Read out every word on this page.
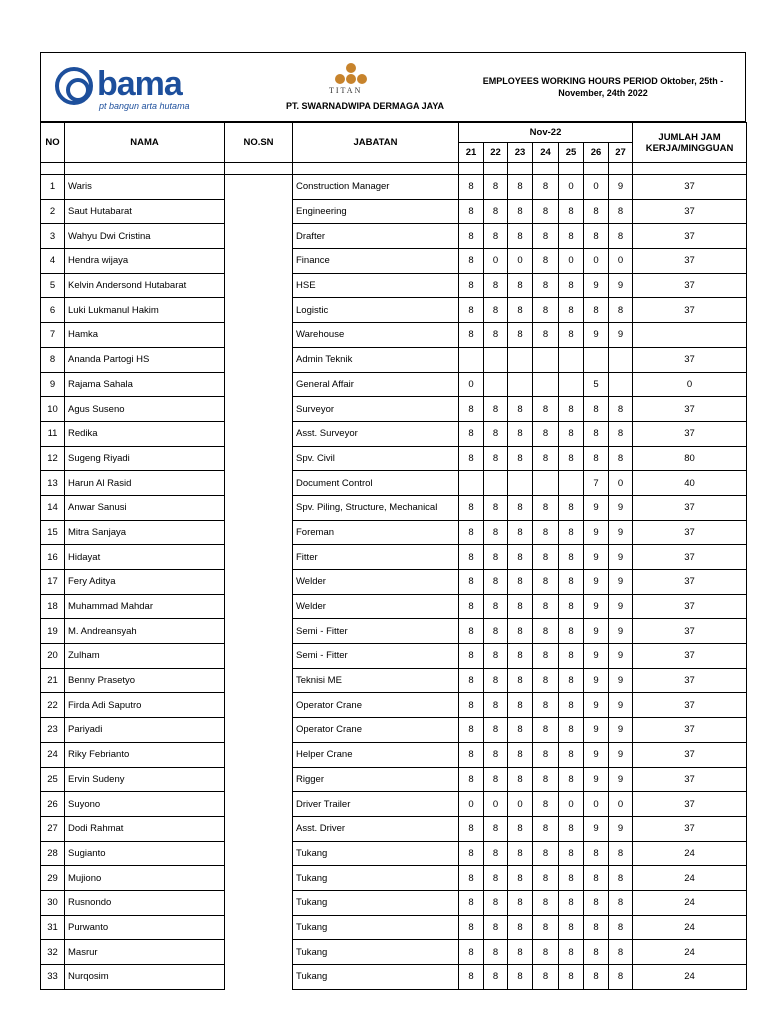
bama
pt bangun arta hutama
TITAN
PT. SWARNADWIPA DERMAGA JAYA
EMPLOYEES WORKING HOURS PERIOD Oktober, 25th -
November, 24th 2022
NO	NAMA	NO.SN	JABATAN	Nov-22							JUMLAH JAM
KERJA/MINGGUAN

				21	22	23	24	25	26	27	

1	Waris		Construction Manager	8	8	8	8	0	0	9	37
2	Saut Hutabarat		Engineering	8	8	8	8	8	8	8	37
3	Wahyu Dwi Cristina		Drafter	8	8	8	8	8	8	8	37
4	Hendra wijaya		Finance	8	0	0	8	0	0	0	37
5	Kelvin Andersond Hutabarat		HSE	8	8	8	8	8	9	9	37
6	Luki Lukmanul Hakim		Logistic	8	8	8	8	8	8	8	37
7	Hamka		Warehouse	8	8	8	8	8	9	9	
8	Ananda Partogi HS		Admin Teknik								37
9	Rajama Sahala		General Affair	0					5		0
10	Agus Suseno		Surveyor	8	8	8	8	8	8	8	37
11	Redika		Asst. Surveyor	8	8	8	8	8	8	8	37
12	Sugeng Riyadi		Spv. Civil	8	8	8	8	8	8	8	80
13	Harun Al Rasid		Document Control						7	0	40
14	Anwar Sanusi		Spv. Piling, Structure, Mechanical	8	8	8	8	8	9	9	37
15	Mitra Sanjaya		Foreman	8	8	8	8	8	9	9	37
16	Hidayat		Fitter	8	8	8	8	8	9	9	37
17	Fery Aditya		Welder	8	8	8	8	8	9	9	37
18	Muhammad Mahdar		Welder	8	8	8	8	8	9	9	37
19	M. Andreansyah		Semi - Fitter	8	8	8	8	8	9	9	37
20	Zulham		Semi - Fitter	8	8	8	8	8	9	9	37
21	Benny Prasetyo		Teknisi ME	8	8	8	8	8	9	9	37
22	Firda Adi Saputro		Operator Crane	8	8	8	8	8	9	9	37
23	Pariyadi		Operator Crane	8	8	8	8	8	9	9	37
24	Riky Febrianto		Helper Crane	8	8	8	8	8	9	9	37
25	Ervin Sudeny		Rigger	8	8	8	8	8	9	9	37
26	Suyono		Driver Trailer	0	0	0	8	0	0	0	37
27	Dodi Rahmat		Asst. Driver	8	8	8	8	8	9	9	37
28	Sugianto		Tukang	8	8	8	8	8	8	8	24
29	Mujiono		Tukang	8	8	8	8	8	8	8	24
30	Rusnondo		Tukang	8	8	8	8	8	8	8	24
31	Purwanto		Tukang	8	8	8	8	8	8	8	24
32	Masrur		Tukang	8	8	8	8	8	8	8	24
33	Nurqosim		Tukang	8	8	8	8	8	8	8	24
